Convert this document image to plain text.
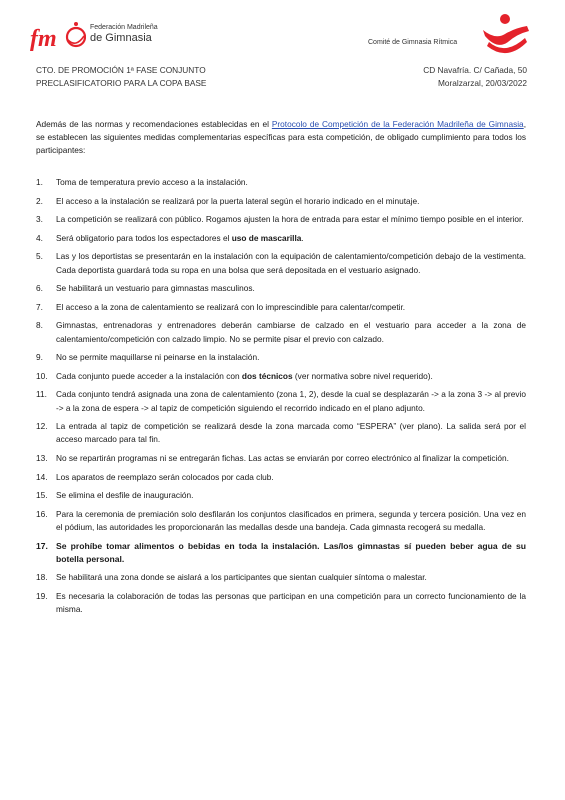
fm	Federación Madrileña
de Gimnasia	Comité de Gimnasia Rítmica
CTO. DE PROMOCIÓN 1ª FASE CONJUNTO
PRECLASIFICATORIO PARA LA COPA BASE
CD Navafría. C/ Cañada, 50
Moralzarzal, 20/03/2022
Además de las normas y recomendaciones establecidas en el Protocolo de Competición de la Federación Madrileña de Gimnasia, se establecen las siguientes medidas complementarias específicas para esta competición, de obligado cumplimiento para todos los participantes:
1. Toma de temperatura previo acceso a la instalación.
2. El acceso a la instalación se realizará por la puerta lateral según el horario indicado en el minutaje.
3. La competición se realizará con público. Rogamos ajusten la hora de entrada para estar el mínimo tiempo posible en el interior.
4. Será obligatorio para todos los espectadores el uso de mascarilla.
5. Las y los deportistas se presentarán en la instalación con la equipación de calentamiento/competición debajo de la vestimenta. Cada deportista guardará toda su ropa en una bolsa que será depositada en el vestuario asignado.
6. Se habilitará un vestuario para gimnastas masculinos.
7. El acceso a la zona de calentamiento se realizará con lo imprescindible para calentar/competir.
8. Gimnastas, entrenadoras y entrenadores deberán cambiarse de calzado en el vestuario para acceder a la zona de calentamiento/competición con calzado limpio. No se permite pisar el previo con calzado.
9. No se permite maquillarse ni peinarse en la instalación.
10. Cada conjunto puede acceder a la instalación con dos técnicos (ver normativa sobre nivel requerido).
11. Cada conjunto tendrá asignada una zona de calentamiento (zona 1, 2), desde la cual se desplazarán -> a la zona 3 -> al previo -> a la zona de espera -> al tapiz de competición siguiendo el recorrido indicado en el plano adjunto.
12. La entrada al tapiz de competición se realizará desde la zona marcada como “ESPERA” (ver plano). La salida será por el acceso marcado para tal fin.
13. No se repartirán programas ni se entregarán fichas. Las actas se enviarán por correo electrónico al finalizar la competición.
14. Los aparatos de reemplazo serán colocados por cada club.
15. Se elimina el desfile de inauguración.
16. Para la ceremonia de premiación solo desfilarán los conjuntos clasificados en primera, segunda y tercera posición. Una vez en el pódium, las autoridades les proporcionarán las medallas desde una bandeja. Cada gimnasta recogerá su medalla.
17. Se prohíbe tomar alimentos o bebidas en toda la instalación. Las/los gimnastas sí pueden beber agua de su botella personal.
18. Se habilitará una zona donde se aislará a los participantes que sientan cualquier síntoma o malestar.
19. Es necesaria la colaboración de todas las personas que participan en una competición para un correcto funcionamiento de la misma.
